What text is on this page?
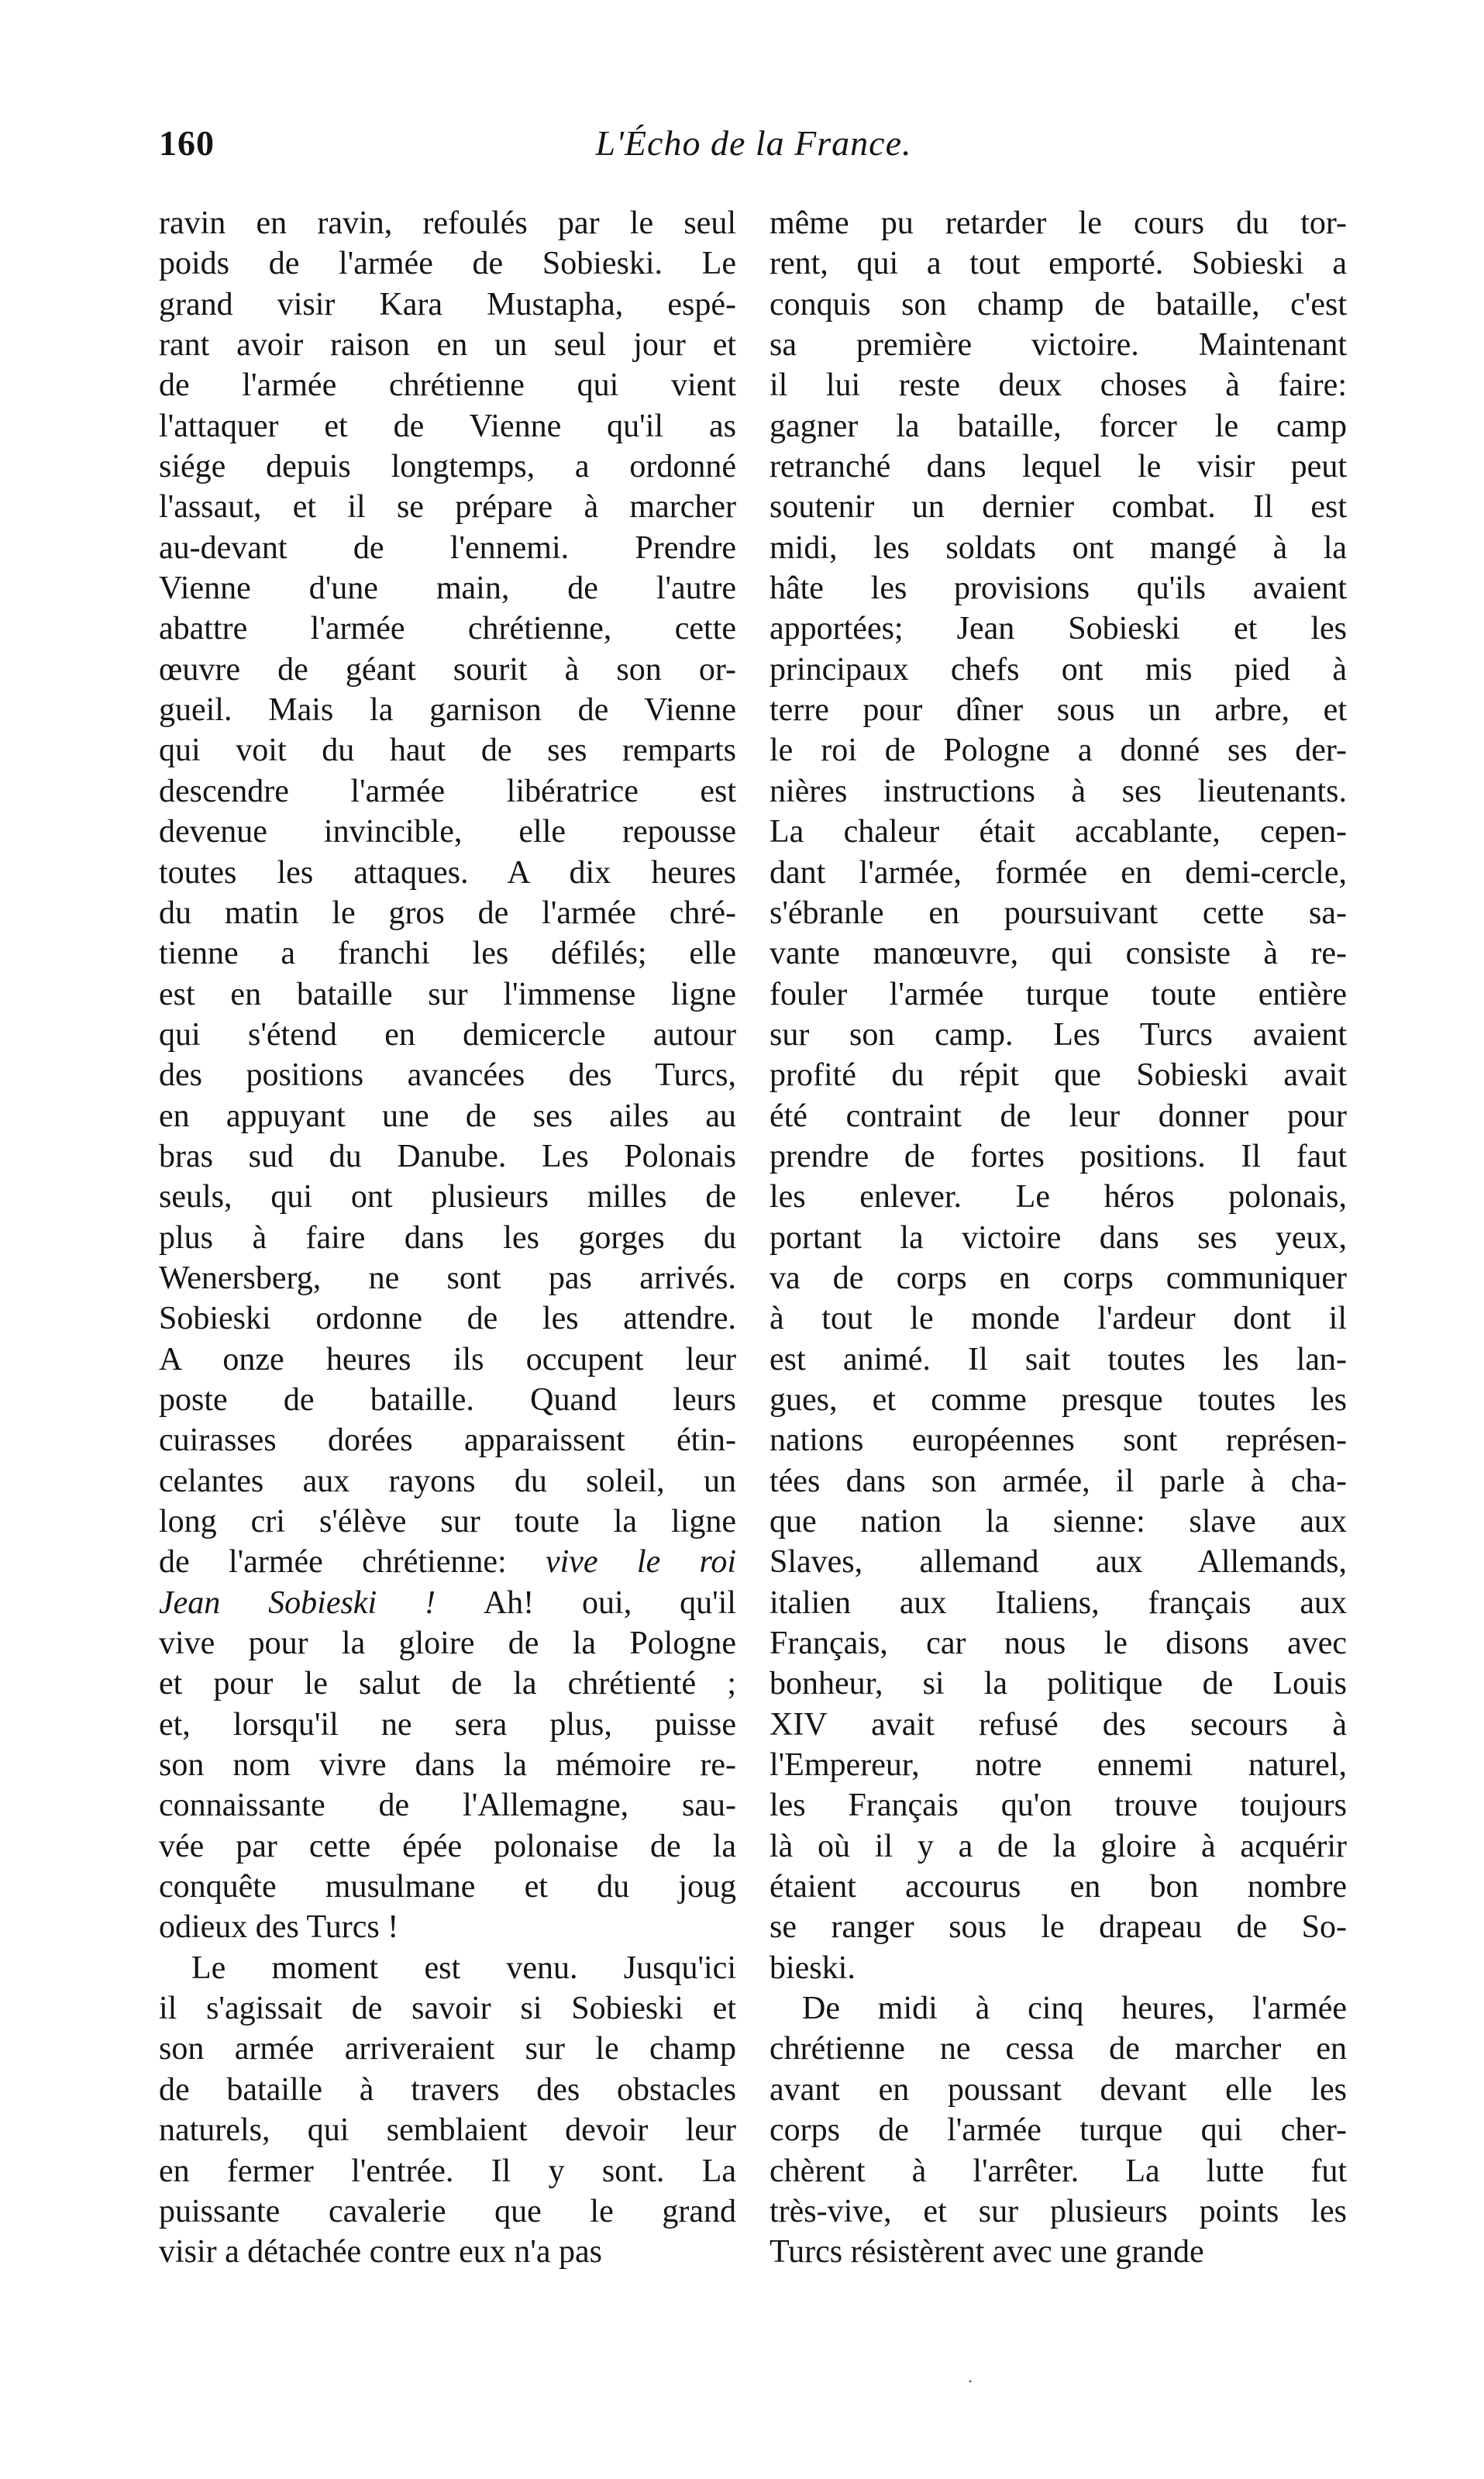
160	L'Écho de la France.
ravin en ravin, refoulés par le seul
poids de l'armée de Sobieski. Le
grand visir Kara Mustapha, espé-
rant avoir raison en un seul jour et
de l'armée chrétienne qui vient
l'attaquer et de Vienne qu'il as
siége depuis longtemps, a ordonné
l'assaut, et il se prépare à marcher
au-devant de l'ennemi. Prendre
Vienne d'une main, de l'autre
abattre l'armée chrétienne, cette
œuvre de géant sourit à son or-
gueil. Mais la garnison de Vienne
qui voit du haut de ses remparts
descendre l'armée libératrice est
devenue invincible, elle repousse
toutes les attaques. A dix heures
du matin le gros de l'armée chré-
tienne a franchi les défilés; elle
est en bataille sur l'immense ligne
qui s'étend en demicercle autour
des positions avancées des Turcs,
en appuyant une de ses ailes au
bras sud du Danube. Les Polonais
seuls, qui ont plusieurs milles de
plus à faire dans les gorges du
Wenersberg, ne sont pas arrivés.
Sobieski ordonne de les attendre.
A onze heures ils occupent leur
poste de bataille. Quand leurs
cuirasses dorées apparaissent étin-
celantes aux rayons du soleil, un
long cri s'élève sur toute la ligne
de l'armée chrétienne: vive le roi
Jean Sobieski ! Ah! oui, qu'il
vive pour la gloire de la Pologne
et pour le salut de la chrétienté ;
et, lorsqu'il ne sera plus, puisse
son nom vivre dans la mémoire re-
connaissante de l'Allemagne, sau-
vée par cette épée polonaise de la
conquête musulmane et du joug
odieux des Turcs !
Le moment est venu. Jusqu'ici
il s'agissait de savoir si Sobieski et
son armée arriveraient sur le champ
de bataille à travers des obstacles
naturels, qui semblaient devoir leur
en fermer l'entrée. Il y sont. La
puissante cavalerie que le grand
visir a détachée contre eux n'a pas
même pu retarder le cours du tor-
rent, qui a tout emporté. Sobieski a
conquis son champ de bataille, c'est
sa première victoire. Maintenant
il lui reste deux choses à faire:
gagner la bataille, forcer le camp
retranché dans lequel le visir peut
soutenir un dernier combat. Il est
midi, les soldats ont mangé à la
hâte les provisions qu'ils avaient
apportées; Jean Sobieski et les
principaux chefs ont mis pied à
terre pour dîner sous un arbre, et
le roi de Pologne a donné ses der-
nières instructions à ses lieutenants.
La chaleur était accablante, cepen-
dant l'armée, formée en demi-cercle,
s'ébranle en poursuivant cette sa-
vante manœuvre, qui consiste à re-
fouler l'armée turque toute entière
sur son camp. Les Turcs avaient
profité du répit que Sobieski avait
été contraint de leur donner pour
prendre de fortes positions. Il faut
les enlever. Le héros polonais,
portant la victoire dans ses yeux,
va de corps en corps communiquer
à tout le monde l'ardeur dont il
est animé. Il sait toutes les lan-
gues, et comme presque toutes les
nations européennes sont représen-
tées dans son armée, il parle à cha-
que nation la sienne: slave aux
Slaves, allemand aux Allemands,
italien aux Italiens, français aux
Français, car nous le disons avec
bonheur, si la politique de Louis
XIV avait refusé des secours à
l'Empereur, notre ennemi naturel,
les Français qu'on trouve toujours
là où il y a de la gloire à acquérir
étaient accourus en bon nombre
se ranger sous le drapeau de So-
bieski.
De midi à cinq heures, l'armée
chrétienne ne cessa de marcher en
avant en poussant devant elle les
corps de l'armée turque qui cher-
chèrent à l'arrêter. La lutte fut
très-vive, et sur plusieurs points les
Turcs résistèrent avec une grande
·
